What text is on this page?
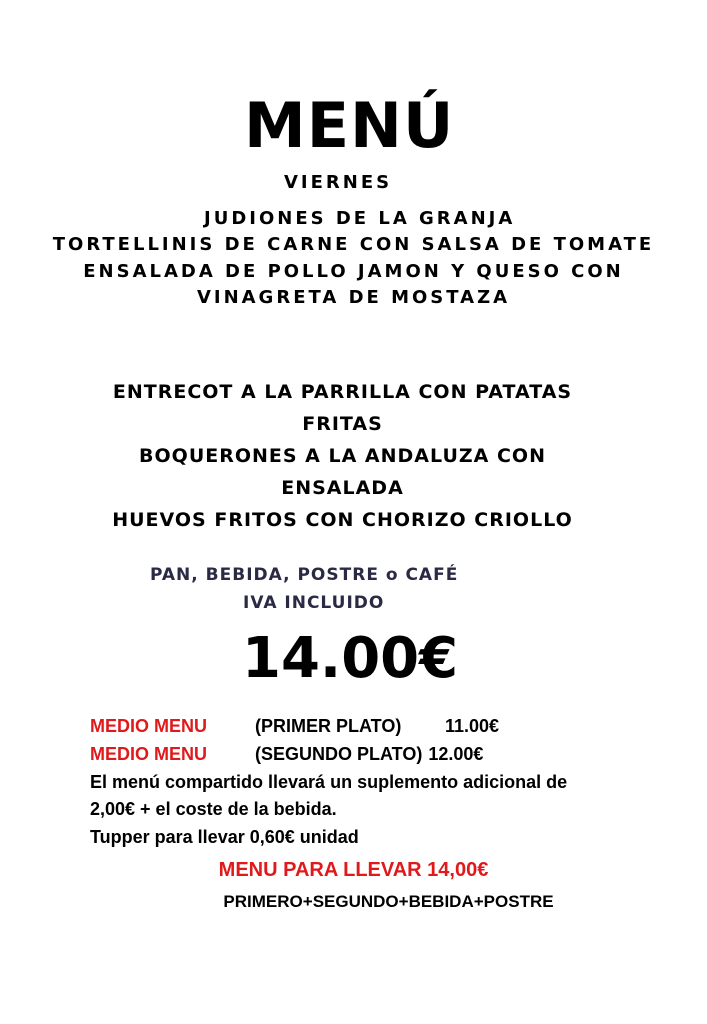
MENÚ
VIERNES
JUDIONES DE LA GRANJA
TORTELLINIS DE CARNE CON SALSA DE TOMATE
ENSALADA DE POLLO JAMON Y QUESO CON
VINAGRETA DE MOSTAZA
ENTRECOT A LA PARRILLA CON PATATAS
FRITAS
BOQUERONES A LA ANDALUZA CON
ENSALADA
HUEVOS FRITOS CON CHORIZO CRIOLLO
PAN, BEBIDA, POSTRE o CAFÉ
IVA INCLUIDO
14.00€
MEDIO MENU	(PRIMER PLATO) 11.00€
MEDIO MENU	(SEGUNDO PLATO) 12.00€
El menú compartido llevará un suplemento adicional de
2,00€ + el coste de la bebida.
Tupper para llevar 0,60€ unidad
MENU PARA LLEVAR 14,00€
PRIMERO+SEGUNDO+BEBIDA+POSTRE
